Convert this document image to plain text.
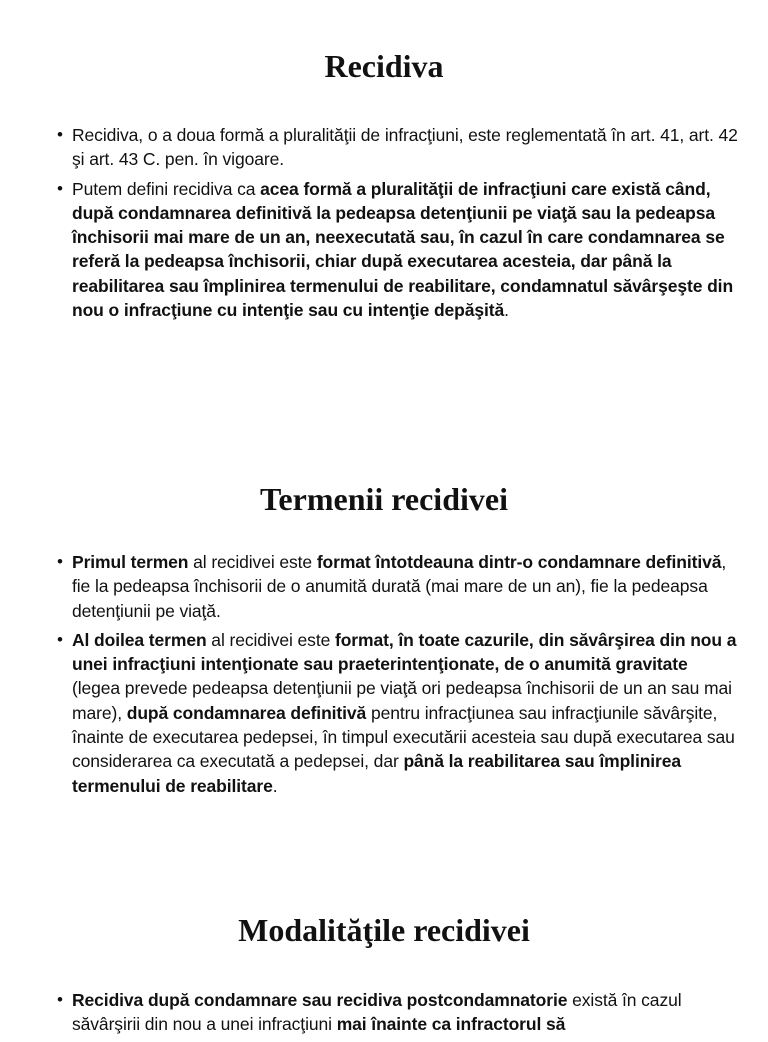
Recidiva
• Recidiva, o a doua formă a pluralităţii de infracţiuni, este reglementată în art. 41, art. 42 şi art. 43 C. pen. în vigoare.
• Putem defini recidiva ca acea formă a pluralităţii de infracţiuni care există când, după condamnarea definitivă la pedeapsa detenţiunii pe viaţă sau la pedeapsa închisorii mai mare de un an, neexecutată sau, în cazul în care condamnarea se referă la pedeapsa închisorii, chiar după executarea acesteia, dar până la reabilitarea sau împlinirea termenului de reabilitare, condamnatul săvârşeşte din nou o infracţiune cu intenţie sau cu intenţie depăşită.
Termenii recidivei
• Primul termen al recidivei este format întotdeauna dintr-o condamnare definitivă, fie la pedeapsa închisorii de o anumită durată (mai mare de un an), fie la pedeapsa detenţiunii pe viaţă.
• Al doilea termen al recidivei este format, în toate cazurile, din săvârşirea din nou a unei infracţiuni intenţionate sau praeterintenţionate, de o anumită gravitate (legea prevede pedeapsa detenţiunii pe viaţă ori pedeapsa închisorii de un an sau mai mare), după condamnarea definitivă pentru infracţiunea sau infracţiunile săvârşite, înainte de executarea pedepsei, în timpul executării acesteia sau după executarea sau considerarea ca executată a pedepsei, dar până la reabilitarea sau împlinirea termenului de reabilitare.
Modalităţile recidivei
• Recidiva după condamnare sau recidiva postcondamnatorie există în cazul săvârşirii din nou a unei infracţiuni mai înainte ca infractorul să
